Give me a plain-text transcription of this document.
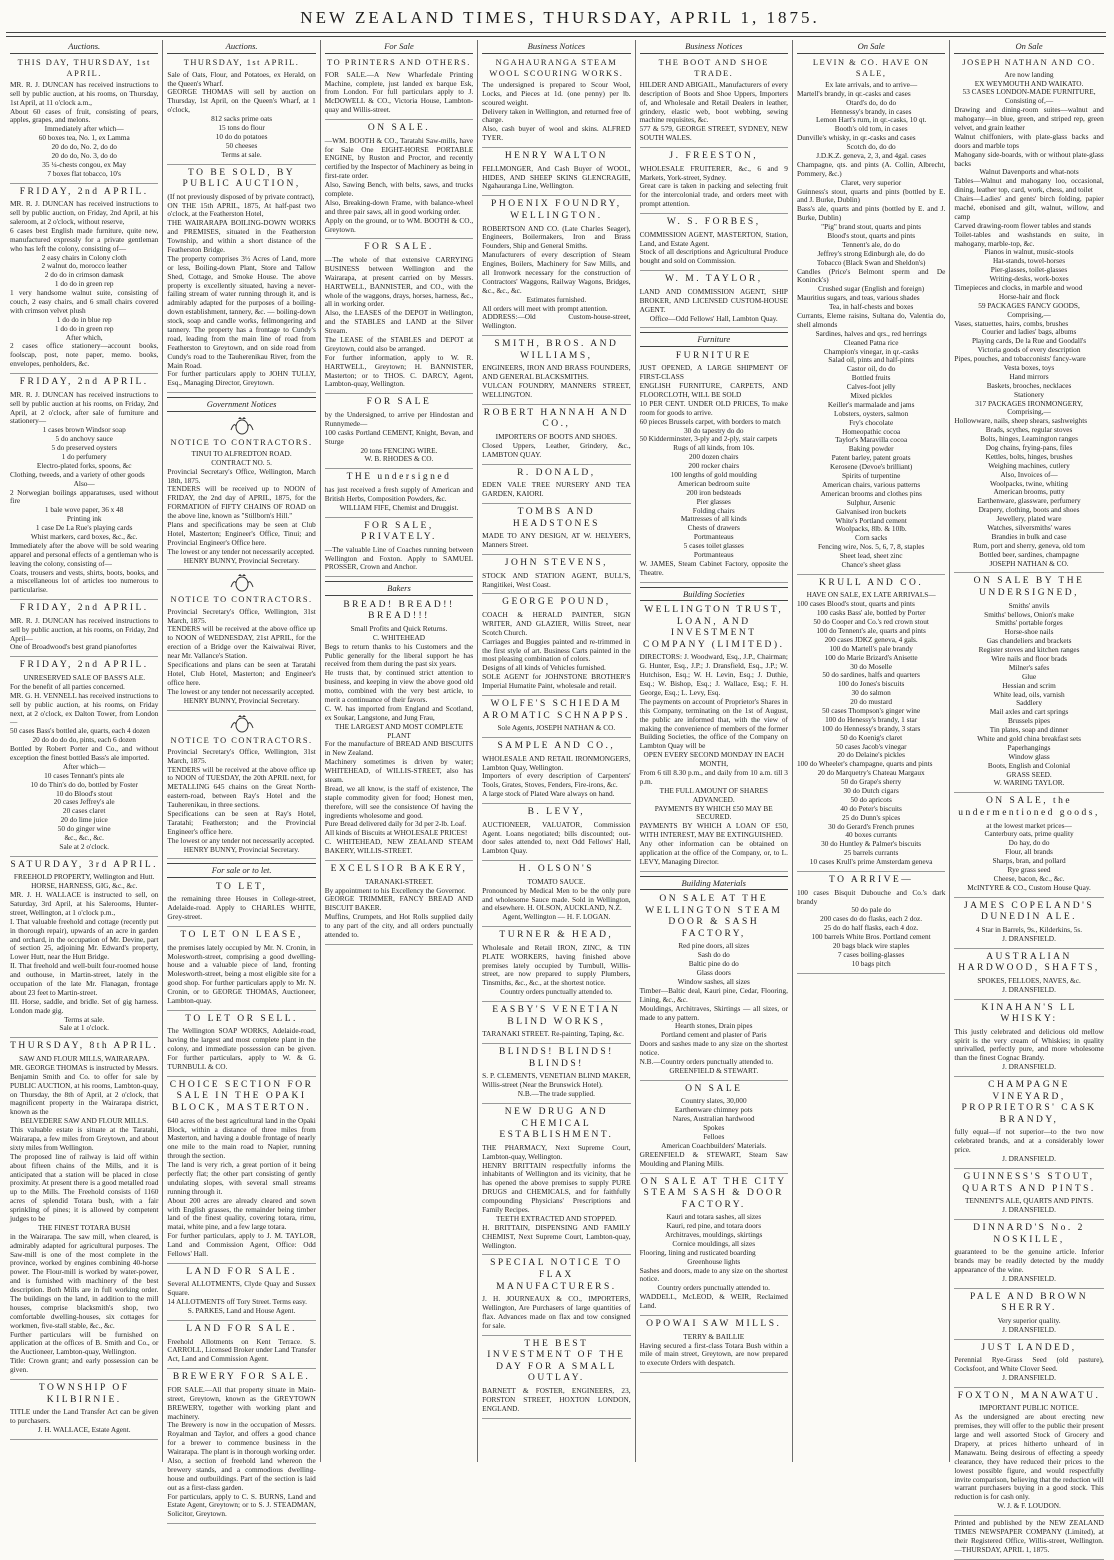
NEW ZEALAND TIMES, THURSDAY, APRIL 1, 1875.
Auctions.
THIS DAY, THURSDAY, 1st APRIL.
MR. R. J. DUNCAN has received instructions to sell by public auction, at his rooms, on Thursday, 1st April, at 11 o'clock a.m.,
About 60 cases of fruit, consisting of pears, apples, grapes, and melons.
Immediately after which—
60 boxes tea, No. 1, ex Lamma
20 do do, No. 2, do do
20 do do, No. 3, do do
35 ¼-chests congou, ex May
7 boxes flat tobacco, 10's
FRIDAY, 2nd APRIL.
MR. R. J. DUNCAN has received instructions to sell by public auction, on Friday, 2nd April, at his saleroom, at 2 o'clock, without reserve,
6 cases best English made furniture, quite new, manufactured expressly for a private gentleman who has left the colony, consisting of—
2 easy chairs in Colony cloth
2 walnut do, morocco leather
2 do do in crimson damask
1 do do in green rep
1 very handsome walnut suite, consisting of couch, 2 easy chairs, and 6 small chairs covered with crimson velvet plush
1 do do in blue rep
1 do do in green rep
After which,
2 cases office stationery—account books, foolscap, post, note paper, memo. books, envelopes, penholders, &c.
FRIDAY, 2nd APRIL.
MR. R. J. DUNCAN has received instructions to sell by public auction at his rooms, on Friday, 2nd April, at 2 o'clock, after sale of furniture and stationery—
1 cases brown Windsor soap
5 do anchovy sauce
5 do preserved oysters
1 do perfumery
Electro-plated forks, spoons, &c
Clothing, tweeds, and a variety of other goods
Also—
2 Norwegian boilings apparatuses, used without fire
1 bale wove paper, 36 x 48
Printing ink
1 case De La Rue's playing cards
Whist markers, card boxes, &c., &c.
Immediately after the above will be sold wearing apparel and personal effects of a gentleman who is leaving the colony, consisting of—
Coats, trousers and vests, shirts, boots, books, and a miscellaneous lot of articles too numerous to particularise.
FRIDAY, 2nd APRIL.
MR. R. J. DUNCAN has received instructions to sell by public auction, at his rooms, on Friday, 2nd April—
One of Broadwood's best grand pianofortes
FRIDAY, 2nd APRIL.
UNRESERVED SALE OF BASS'S ALE.
For the benefit of all parties concerned.
MR. G. H. VENNELL has received instructions to sell by public auction, at his rooms, on Friday next, at 2 o'clock, ex Dalton Tower, from London—
50 cases Bass's bottled ale, quarts, each 4 dozen
20 do do do do, pints, each 6 dozen
Bottled by Robert Porter and Co., and without exception the finest bottled Bass's ale imported.
After which—
10 cases Tennant's pints ale
10 do Thin's do do, bottled by Foster
10 do Blood's stout
20 cases Jeffrey's ale
20 cases claret
20 do lime juice
50 do ginger wine
&c., &c., &c.
Sale at 2 o'clock.
SATURDAY, 3rd APRIL.
FREEHOLD PROPERTY, Wellington and Hutt.
HORSE, HARNESS, GIG, &c., &c.
MR. J. H. WALLACE is instructed to sell, on Saturday, 3rd April, at his Salerooms, Hunter-street, Wellington, at 1 o'clock p.m.,
I. That valuable freehold and cottage (recently put in thorough repair), upwards of an acre in garden and orchard, in the occupation of Mr. Devine, part of section 25, adjoining Mr. Edward's property, Lower Hutt, near the Hutt Bridge.
II. That freehold and well-built four-roomed house and outhouse, in Martin-street, lately in the occupation of the late Mr. Flanagan, frontage about 23 feet to Martin-street.
III. Horse, saddle, and bridle. Set of gig harness. London made gig.
Terms at sale.
Sale at 1 o'clock.
THURSDAY, 8th APRIL.
SAW AND FLOUR MILLS, WAIRARAPA.
MR. GEORGE THOMAS is instructed by Messrs. Benjamin Smith and Co. to offer for sale by PUBLIC AUCTION, at his rooms, Lambton-quay, on Thursday, the 8th of April, at 2 o'clock, that magnificent property in the Wairarapa district, known as the
BELVEDERE SAW AND FLOUR MILLS.
This valuable estate is situate at the Taratahi, Wairarapa, a few miles from Greytown, and about sixty miles from Wellington.
The proposed line of railway is laid off within about fifteen chains of the Mills, and it is anticipated that a station will be placed in close proximity. At present there is a good metalled road up to the Mills. The Freehold consists of 1160 acres of splendid Totara bush, with a fair sprinkling of pines; it is allowed by competent judges to be
THE FINEST TOTARA BUSH
in the Wairarapa. The saw mill, when cleared, is admirably adapted for agricultural purposes. The Saw-mill is one of the most complete in the province, worked by engines combining 40-horse power. The Flour-mill is worked by water-power, and is furnished with machinery of the best description. Both Mills are in full working order. The buildings on the land, in addition to the mill houses, comprise blacksmith's shop, two comfortable dwelling-houses, six cottages for workmen, five-stall stable, &c., &c.
Further particulars will be furnished on application at the offices of B. Smith and Co., or the Auctioneer, Lambton-quay, Wellington.
Title: Crown grant; and early possession can be given.
TOWNSHIP OF KILBIRNIE.
TITLE under the Land Transfer Act can be given to purchasers.
J. H. WALLACE, Estate Agent.
Auctions.
THURSDAY, 1st APRIL.
Sale of Oats, Flour, and Potatoes, ex Herald, on the Queen's Wharf.
GEORGE THOMAS will sell by auction on Thursday, 1st April, on the Queen's Wharf, at 1 o'clock,
812 sacks prime oats
15 tons do flour
10 do do potatoes
50 cheeses
Terms at sale.
TO BE SOLD, BY PUBLIC AUCTION,
(If not previously disposed of by private contract),
ON THE 15th APRIL, 1875, At half-past two o'clock, at the Featherston Hotel,
THE WAIRARAPA BOILING-DOWN WORKS and PREMISES, situated in the Featherston Township, and within a short distance of the Featherston Bridge.
The property comprises 3½ Acres of Land, more or less, Boiling-down Plant, Store and Tallow Shed, Cottage, and Smoke House. The above property is excellently situated, having a never-failing stream of water running through it, and is admirably adapted for the purposes of a boiling-down establishment, tannery, &c. — boiling-down stock, soap and candle works, fellmongering and tannery. The property has a frontage to Cundy's road, leading from the main line of road from Featherston to Greytown, and on side road from Cundy's road to the Tauherenikau River, from the Main Road.
For further particulars apply to JOHN TULLY, Esq., Managing Director, Greytown.
Government Notices
NOTICE TO CONTRACTORS.
TINUI TO ALFREDTON ROAD.
CONTRACT NO. 5.
Provincial Secretary's Office, Wellington, March 18th, 1875.
TENDERS will be received up to NOON of FRIDAY, the 2nd day of APRIL, 1875, for the FORMATION of FIFTY CHAINS OF ROAD on the above line, known as "Stillborn's Hill."
Plans and specifications may be seen at Club Hotel, Masterton; Engineer's Office, Tinui; and Provincial Engineer's Office here.
The lowest or any tender not necessarily accepted.
HENRY BUNNY, Provincial Secretary.
NOTICE TO CONTRACTORS.
Provincial Secretary's Office, Wellington, 31st March, 1875.
TENDERS will be received at the above office up to NOON of WEDNESDAY, 21st APRIL, for the erection of a Bridge over the Kaiwaiwai River, near Mr. Vallance's Station.
Specifications and plans can be seen at Taratahi Hotel, Club Hotel, Masterton; and Engineer's office here.
The lowest or any tender not necessarily accepted.
HENRY BUNNY, Provincial Secretary.
NOTICE TO CONTRACTORS.
Provincial Secretary's Office, Wellington, 31st March, 1875.
TENDERS will be received at the above office up to NOON of TUESDAY, the 20th APRIL next, for METALLING 645 chains on the Great North-eastern-road, between Ray's Hotel and the Tauherenikau, in three sections.
Specifications can be seen at Ray's Hotel, Taratahi; Featherston; and the Provincial Engineer's office here.
The lowest or any tender not necessarily accepted.
HENRY BUNNY, Provincial Secretary.
For sale or to let.
TO LET,
the remaining three Houses in College-street, Adelaide-road. Apply to CHARLES WHITE, Grey-street.
TO LET ON LEASE,
the premises lately occupied by Mr. N. Cronin, in Molesworth-street, comprising a good dwelling-house and a valuable piece of land, fronting Molesworth-street, being a most eligible site for a good shop. For further particulars apply to Mr. N. Cronin, or to GEORGE THOMAS, Auctioneer, Lambton-quay.
TO LET OR SELL.
The Wellington SOAP WORKS, Adelaide-road, having the largest and most complete plant in the colony, and immediate possession can be given. For further particulars, apply to W. & G. TURNBULL & CO.
CHOICE SECTION FOR SALE IN THE OPAKI BLOCK, MASTERTON.
640 acres of the best agricultural land in the Opaki Block, within a distance of three miles from Masterton, and having a double frontage of nearly one mile to the main road to Napier, running through the section.
The land is very rich, a great portion of it being perfectly flat; the other part consisting of gently undulating slopes, with several small streams running through it.
About 200 acres are already cleared and sown with English grasses, the remainder being timber land of the finest quality, covering totara, rimu, matai, white pine, and a few large totara.
For further particulars, apply to J. M. TAYLOR, Land and Commission Agent, Office: Odd Fellows' Hall.
LAND FOR SALE.
Several ALLOTMENTS, Clyde Quay and Sussex Square.
14 ALLOTMENTS off Tory Street. Terms easy.
S. PARKES, Land and House Agent.
LAND FOR SALE.
Freehold Allotments on Kent Terrace. S. CARROLL, Licensed Broker under Land Transfer Act, Land and Commission Agent.
BREWERY FOR SALE.
FOR SALE.—All that property situate in Main-street, Greytown, known as the GREYTOWN BREWERY, together with working plant and machinery.
The Brewery is now in the occupation of Messrs. Royalman and Taylor, and offers a good chance for a brewer to commence business in the Wairarapa. The plant is in thorough working order.
Also, a section of freehold land whereon the brewery stands, and a commodious dwelling-house and outbuildings. Part of the section is laid out as a first-class garden.
For particulars, apply to C. S. BURNS, Land and Estate Agent, Greytown; or to S. J. STEADMAN, Solicitor, Greytown.
For Sale
TO PRINTERS AND OTHERS.
FOR SALE.—A New Wharfedale Printing Machine, complete, just landed ex barque Esk, from London. For full particulars apply to J. McDOWELL & CO., Victoria House, Lambton-quay and Willis-street.
ON SALE.
—WM. BOOTH & CO., Taratahi Saw-mills, have for Sale One EIGHT-HORSE PORTABLE ENGINE, by Ruston and Proctor, and recently certified by the Inspector of Machinery as being in first-rate order.
Also, Sawing Bench, with belts, saws, and trucks complete.
Also, Breaking-down Frame, with balance-wheel and three pair saws, all in good working order.
Apply on the ground, or to WM. BOOTH & CO., Greytown.
FOR SALE.
—The whole of that extensive CARRYING BUSINESS between Wellington and the Wairarapa, at present carried on by Messrs. HARTWELL, BANNISTER, and CO., with the whole of the waggons, drays, horses, harness, &c., all in working order.
Also, the LEASES of the DEPOT in Wellington, and the STABLES and LAND at the Silver Stream.
The LEASE of the STABLES and DEPOT at Greytown, could also be arranged.
For further information, apply to W. R. HARTWELL, Greytown; H. BANNISTER, Masterton; or to THOS. C. DARCY, Agent, Lambton-quay, Wellington.
FOR SALE
by the Undersigned, to arrive per Hindostan and Runnymede—
100 casks Portland CEMENT, Knight, Bevan, and Sturge
20 tons FENCING WIRE.
W. B. RHODES & CO.
THE undersigned
has just received a fresh supply of American and British Herbs, Composition Powders, &c.
WILLIAM FIFE, Chemist and Druggist.
FOR SALE, PRIVATELY.
—The valuable Line of Coaches running between Wellington and Foxton. Apply to SAMUEL PROSSER, Crown and Anchor.
Bakers
BREAD! BREAD!! BREAD!!!
Small Profits and Quick Returns.
C. WHITEHEAD
Begs to return thanks to his Customers and the Public generally for the liberal support he has received from them during the past six years.
He trusts that, by continued strict attention to business, and keeping in view the above good old motto, combined with the very best article, to merit a continuance of their favors.
C. W. has imported from England and Scotland, ex Soukar, Langstone, and Jung Frau,
THE LARGEST AND MOST COMPLETE PLANT
For the manufacture of BREAD AND BISCUITS in New Zealand.
Machinery sometimes is driven by water; WHITEHEAD, of WILLIS-STREET, also has steam.
Bread, we all know, is the staff of existence, The staple commodity given for food; Honest men, therefore, will see the consistence Of having the ingredients wholesome and good.
Pure Bread delivered daily for 3d per 2-lb. Loaf.
All kinds of Biscuits at WHOLESALE PRICES!
C. WHITEHEAD, NEW ZEALAND STEAM BAKERY, WILLIS-STREET.
EXCELSIOR BAKERY,
TARANAKI-STREET.
By appointment to his Excellency the Governor.
GEORGE TRIMMER, FANCY BREAD AND BISCUIT BAKER.
Muffins, Crumpets, and Hot Rolls supplied daily to any part of the city, and all orders punctually attended to.
Business Notices
NGAHAURANGA STEAM WOOL SCOURING WORKS.
The undersigned is prepared to Scour Wool, Locks, and Pieces at 1d. (one penny) per lb. scoured weight.
Delivery taken in Wellington, and returned free of charge.
Also, cash buyer of wool and skins. ALFRED TYER.
HENRY WALTON
FELLMONGER, And Cash Buyer of WOOL, HIDES, AND SHEEP SKINS GLENCRAGIE, Ngahauranga Line, Wellington.
PHOENIX FOUNDRY, WELLINGTON.
ROBERTSON AND CO. (Late Charles Seager), Engineers, Boilermakers, Iron and Brass Founders, Ship and General Smiths.
Manufacturers of every description of Steam Engines, Boilers, Machinery for Saw Mills, and all Ironwork necessary for the construction of Contractors' Waggons, Railway Wagons, Bridges, &c., &c., &c.
Estimates furnished.
All orders will meet with prompt attention.
ADDRESS:—Old Custom-house-street, Wellington.
SMITH, BROS. AND WILLIAMS,
ENGINEERS, IRON AND BRASS FOUNDERS, AND GENERAL BLACKSMITHS.
VULCAN FOUNDRY, MANNERS STREET, WELLINGTON.
ROBERT HANNAH AND CO.,
IMPORTERS OF BOOTS AND SHOES.
Closed Uppers, Leather, Grindery, &c., LAMBTON QUAY.
R. DONALD,
EDEN VALE TREE NURSERY AND TEA GARDEN, KAIORI.
TOMBS AND HEADSTONES
MADE TO ANY DESIGN, AT W. HELYER'S, Manners Street.
JOHN STEVENS,
STOCK AND STATION AGENT, BULL'S, Rangitikei, West Coast.
GEORGE POUND,
COACH & HERALD PAINTER, SIGN WRITER, AND GLAZIER, Willis Street, near Scotch Church.
Carriages and Buggies painted and re-trimmed in the first style of art. Business Carts painted in the most pleasing combination of colors.
Designs of all kinds of Vehicles furnished.
SOLE AGENT for JOHNSTONE BROTHER'S Imperial Humatite Paint, wholesale and retail.
WOLFE'S SCHIEDAM AROMATIC SCHNAPPS.
Sole Agents, JOSEPH NATHAN & CO.
SAMPLE AND CO.,
WHOLESALE AND RETAIL IRONMONGERS, Lambton Quay, Wellington.
Importers of every description of Carpenters' Tools, Grates, Stoves, Fenders, Fire-irons, &c.
A large stock of Plated Ware always on hand.
B. LEVY,
AUCTIONEER, VALUATOR, Commission Agent. Loans negotiated; bills discounted; out-door sales attended to, next Odd Fellows' Hall, Lambton Quay.
H. OLSON'S
TOMATO SAUCE.
Pronounced by Medical Men to be the only pure and wholesome Sauce made. Sold in Wellington, and elsewhere. H. OLSON, AUCKLAND, N.Z.
Agent, Wellington — H. F. LOGAN.
TURNER & HEAD,
Wholesale and Retail IRON, ZINC, & TIN PLATE WORKERS, having finished above premises lately occupied by Turnbull, Willis-street, are now prepared to supply Plumbers, Tinsmiths, &c., &c., at the shortest notice.
Country orders punctually attended to.
EASBY'S VENETIAN BLIND WORKS,
TARANAKI STREET. Re-painting, Taping, &c.
BLINDS! BLINDS! BLINDS!
S. P. CLEMENTS, VENETIAN BLIND MAKER, Willis-street (Near the Brunswick Hotel).
N.B.—The trade supplied.
NEW DRUG AND CHEMICAL ESTABLISHMENT.
THE PHARMACY, Next Supreme Court, Lambton-quay, Wellington.
HENRY BRITTAIN respectfully informs the inhabitants of Wellington and its vicinity, that he has opened the above premises to supply PURE DRUGS and CHEMICALS, and for faithfully compounding Physicians' Prescriptions and Family Recipes.
TEETH EXTRACTED AND STOPPED.
H. BRITTAIN, DISPENSING AND FAMILY CHEMIST, Next Supreme Court, Lambton-quay, Wellington.
SPECIAL NOTICE TO FLAX MANUFACTURERS.
J. H. JOURNEAUX & CO., IMPORTERS, Wellington, Are Purchasers of large quantities of flax. Advances made on flax and tow consigned for sale.
THE BEST INVESTMENT OF THE DAY FOR A SMALL OUTLAY.
BARNETT & FOSTER, ENGINEERS, 23, FORSTON STREET, HOXTON LONDON, ENGLAND.
Business Notices
THE BOOT AND SHOE TRADE.
HILDER AND ABIGAIL, Manufacturers of every description of Boots and Shoe Uppers, Importers of, and Wholesale and Retail Dealers in leather, grindery, elastic web, boot webbing, sewing machine requisites, &c.
577 & 579, GEORGE STREET, SYDNEY, NEW SOUTH WALES.
J. FREESTON,
WHOLESALE FRUITERER, &c., 6 and 9 Markets, York-street, Sydney.
Great care is taken in packing and selecting fruit for the intercolonial trade, and orders meet with prompt attention.
W. S. FORBES,
COMMISSION AGENT, MASTERTON, Station, Land, and Estate Agent.
Stock of all descriptions and Agricultural Produce bought and sold on Commission.
W. M. TAYLOR,
LAND AND COMMISSION AGENT, SHIP BROKER, AND LICENSED CUSTOM-HOUSE AGENT.
Office—Odd Fellows' Hall, Lambton Quay.
Furniture
FURNITURE
JUST OPENED, A LARGE SHIPMENT OF FIRST-CLASS
ENGLISH FURNITURE, CARPETS, AND FLOORCLOTH, WILL BE SOLD
10 PER CENT. UNDER OLD PRICES, To make room for goods to arrive.
60 pieces Brussels carpet, with borders to match
30 do tapestry do do
50 Kidderminster, 3-ply and 2-ply, stair carpets
Rugs of all kinds, from 10s.
200 dozen chairs
200 rocker chairs
100 lengths of gold moulding
American bedroom suite
200 iron bedsteads
Pier glasses
Folding chairs
Mattresses of all kinds
Chests of drawers
Portmanteaus
5 cases toilet glasses
Portmanteaus
W. JAMES, Steam Cabinet Factory, opposite the Theatre.
Building Societies
WELLINGTON TRUST, LOAN, AND INVESTMENT COMPANY (LIMITED).
DIRECTORS: J. Woodward, Esq., J.P., Chairman; G. Hunter, Esq., J.P.; J. Dransfield, Esq., J.P.; W. Hutchison, Esq.; W. H. Levin, Esq.; J. Duthie, Esq.; W. Bishop, Esq.; J. Wallace, Esq.; F. H. George, Esq.; L. Levy, Esq.
The payments on account of Proprietor's Shares in this Company, terminating on the 1st of August, the public are informed that, with the view of making the convenience of members of the former Building Societies, the office of the Company on Lambton Quay will be
OPEN EVERY SECOND MONDAY IN EACH MONTH,
From 6 till 8.30 p.m., and daily from 10 a.m. till 3 p.m.
THE FULL AMOUNT OF SHARES ADVANCED.
PAYMENTS BY WHICH £50 MAY BE SECURED.
PAYMENTS BY WHICH A LOAN OF £50, WITH INTEREST, MAY BE EXTINGUISHED.
Any other information can be obtained on application at the office of the Company, or, to L. LEVY, Managing Director.
Building Materials
ON SALE AT THE WELLINGTON STEAM DOOR & SASH FACTORY,
Red pine doors, all sizes
Sash do do
Baltic pine do do
Glass doors
Window sashes, all sizes
Timber—Baltic deal, Kauri pine, Cedar, Flooring, Lining, &c., &c.
Mouldings, Architraves, Skirtings — all sizes, or made to any pattern.
Hearth stones, Drain pipes
Portland cement and plaster of Paris
Doors and sashes made to any size on the shortest notice.
N.B.—Country orders punctually attended to.
GREENFIELD & STEWART.
ON SALE
Country slates, 30,000
Earthenware chimney pots
Nares, Australian hardwood
Spokes
Felloes
American Coachbuilders' Materials.
GREENFIELD & STEWART, Steam Saw Moulding and Planing Mills.
ON SALE AT THE CITY STEAM SASH & DOOR FACTORY.
Kauri and totara sashes, all sizes
Kauri, red pine, and totara doors
Architraves, mouldings, skirtings
Cornice mouldings, all sizes
Flooring, lining and rusticated boarding
Greenhouse lights
Sashes and doors, made to any size on the shortest notice.
Country orders punctually attended to.
WADDELL, McLEOD, & WEIR, Reclaimed Land.
OPOWAI SAW MILLS.
TERRY & BAILLIE
Having secured a first-class Totara Bush within a mile of main street, Greytown, are now prepared to execute Orders with despatch.
On Sale
LEVIN & CO. HAVE ON SALE,
Ex late arrivals, and to arrive—
Martell's brandy, in qr.-casks and cases
Otard's do, do do
Hennessy's brandy, in cases
Lemon Hart's rum, in qr.-casks, 10 qt.
Booth's old tom, in cases
Dunville's whisky, in qr.-casks and cases
Scotch do, do do
J.D.K.Z. geneva, 2, 3, and 4gal. cases
Champagne, qts. and pints (A. Collin, Albrecht, Pommery, &c.)
Claret, very superior
Guinness's stout, quarts and pints (bottled by E. and J. Burke, Dublin)
Bass's ale, quarts and pints (bottled by E. and J. Burke, Dublin)
"Pig" brand stout, quarts and pints
Blood's stout, quarts and pints
Tennent's ale, do do
Jeffrey's strong Edinburgh ale, do do
Tobacco (Black Swan and Sheldon's)
Candles (Price's Belmont sperm and De Koninck's)
Crushed sugar (English and foreign)
Mauritius sugars, and teas, various shades
Tea, in half-chests and boxes
Currants, Eleme raisins, Sultana do, Valentia do, shell almonds
Sardines, halves and qrs., red herrings
Cleaned Patna rice
Champion's vinegar, in qr.-casks
Salad oil, pints and half-pints
Castor oil, do do
Bottled fruits
Calves-foot jelly
Mixed pickles
Keiller's marmalade and jams
Lobsters, oysters, salmon
Fry's chocolate
Homeopathic cocoa
Taylor's Maravilla cocoa
Baking powder
Patent barley, patent groats
Kerosene (Devoe's brilliant)
Spirits of turpentine
American chairs, various patterns
American brooms and clothes pins
Sulphur, Arsenic
Galvanised iron buckets
White's Portland cement
Woolpacks, 8lb. & 10lb.
Corn sacks
Fencing wire, Nos. 5, 6, 7, 8, staples
Sheet lead, sheet zinc
Chance's sheet glass
KRULL AND CO.
HAVE ON SALE, EX LATE ARRIVALS—
100 cases Blood's stout, quarts and pints
100 casks Bass' ale, bottled by Porter
50 do Cooper and Co.'s red crown stout
100 do Tennent's ale, quarts and pints
200 cases JDKZ geneva, 4 gals.
100 do Martell's pale brandy
100 do Marie Brizard's Anisette
30 do Moselle
50 do sardines, halfs and quarters
100 do Jones's biscuits
30 do salmon
20 do mustard
50 cases Thompson's ginger wine
100 do Henessy's brandy, 1 star
100 do Hennessy's brandy, 3 stars
50 do Koenig's claret
50 cases Jacob's vinegar
20 do Delaine's pickles
100 do Wheeler's champagne, quarts and pints
20 do Marquetry's Chateau Margaux
50 do Grape's sherry
30 do Dutch cigars
50 do apricots
40 do Peter's biscuits
25 do Dunn's spices
30 do Gerard's French prunes
40 boxes currants
30 do Huntley & Palmer's biscuits
25 barrels currants
10 cases Krull's prime Amsterdam geneva
TO ARRIVE—
100 cases Bisquit Dubouche and Co.'s dark brandy
50 do pale do
200 cases do do flasks, each 2 doz.
25 do do half flasks, each 4 doz.
100 barrels White Bros. Portland cement
20 bags black wire staples
7 cases boiling-glasses
10 bags pitch
On Sale
JOSEPH NATHAN AND CO.
Are now landing
EX WEYMOUTH AND WAIKATO.
53 CASES LONDON-MADE FURNITURE,
Consisting of,—
Drawing and dining-room suites—walnut and mahogany—in blue, green, and striped rep, green velvet, and grain leather
Walnut chiffoniers, with plate-glass backs and doors and marble tops
Mahogany side-boards, with or without plate-glass backs
Walnut Davenports and what-nots
Tables—Walnut and mahogany loo, occasional, dining, leather top, card, work, chess, and toilet
Chairs—Ladies' and gents' birch folding, papier maché, ebonised and gilt, walnut, willow, and camp
Carved drawing-room flower tables and stands
Toilet-tables and washstands en suite, in mahogany, marble-top, &c.
Pianos in walnut, music-stools
Hat-stands, towel-horses
Pier-glasses, toilet-glasses
Writing-desks, work-boxes
Timepieces and clocks, in marble and wood
Horse-hair and flock
59 PACKAGES FANCY GOODS,
Comprising,—
Vases, statuettes, hairs, combs, brushes
Courier and ladies' bags, albums
Playing cards, De la Rue and Goodall's
Victoria goods of every description
Pipes, pouches, and tobacconists' fancy-ware
Vesta boxes, toys
Hand mirrors
Baskets, brooches, necklaces
Stationery
317 PACKAGES IRONMONGERY,
Comprising,—
Hollowware, nails, sheep shears, sashweights
Brads, scythes, regular stoves
Bolts, hinges, Leamington ranges
Dog chains, frying-pans, files
Kettles, bolts, hinges, brushes
Weighing machines, cutlery
Also, Invoices of—
Woolpacks, twine, whiting
American brooms, putty
Earthenware, glassware, perfumery
Drapery, clothing, boots and shoes
Jewellery, plated ware
Watches, silversmiths' wares
Brandies in bulk and case
Rum, port and sherry, geneva, old tom
Bottled beer, sardines, champagne
JOSEPH NATHAN & CO.
ON SALE BY THE UNDERSIGNED,
Smiths' anvils
Smiths' bellows, Onion's make
Smiths' portable forges
Horse-shoe nails
Gas chandeliers and brackets
Register stoves and kitchen ranges
Wire nails and floor brads
Milner's safes
Glue
Hessian and scrim
White lead, oils, varnish
Saddlery
Mail axles and cart springs
Brussels pipes
Tin plates, soap and dinner
White and gold china breakfast sets
Paperhangings
Window glass
Boots, English and Colonial
GRASS SEED.
W. WARING TAYLOR.
ON SALE, the undermentioned goods,
at the lowest market prices—
Canterbury oats, prime quality
Do hay, do do
Flour, all brands
Sharps, bran, and pollard
Rye grass seed
Cheese, bacon, &c., &c.
McINTYRE & CO., Custom House Quay.
JAMES COPELAND'S DUNEDIN ALE.
4 Star in Barrels, 9s., Kilderkins, 5s.
J. DRANSFIELD.
AUSTRALIAN HARDWOOD, SHAFTS,
SPOKES, FELLOES, NAVES, &c.
J. DRANSFIELD.
KINAHAN'S LL WHISKY:
This justly celebrated and delicious old mellow spirit is the very cream of Whiskies; in quality unrivalled, perfectly pure, and more wholesome than the finest Cognac Brandy.
J. DRANSFIELD.
CHAMPAGNE VINEYARD, PROPRIETORS' CASK BRANDY,
fully equal—if not superior—to the two now celebrated brands, and at a considerably lower price.
J. DRANSFIELD.
GUINNESS'S STOUT, QUARTS AND PINTS.
TENNENT'S ALE, QUARTS AND PINTS.
J. DRANSFIELD.
DINNARD'S No. 2 NOSKILLE,
guaranteed to be the genuine article. Inferior brands may be readily detected by the muddy appearance of the wine.
J. DRANSFIELD.
PALE AND BROWN SHERRY.
Very superior quality.
J. DRANSFIELD.
JUST LANDED,
Perennial Rye-Grass Seed (old pasture), Cocksfoot, and White Clover Seed.
J. DRANSFIELD.
FOXTON, MANAWATU.
IMPORTANT PUBLIC NOTICE.
As the undersigned are about erecting new premises, they will offer to the public their present large and well assorted Stock of Grocery and Drapery, at prices hitherto unheard of in Manawatu. Being desirous of effecting a speedy clearance, they have reduced their prices to the lowest possible figure, and would respectfully invite comparison, believing that the reduction will warrant purchasers buying in a good stock. This reduction is for cash only.
W. J. & F. LOUDON.
Printed and published by the NEW ZEALAND TIMES NEWSPAPER COMPANY (Limited), at their Registered Office, Willis-street, Wellington.—THURSDAY, APRIL 1, 1875.
